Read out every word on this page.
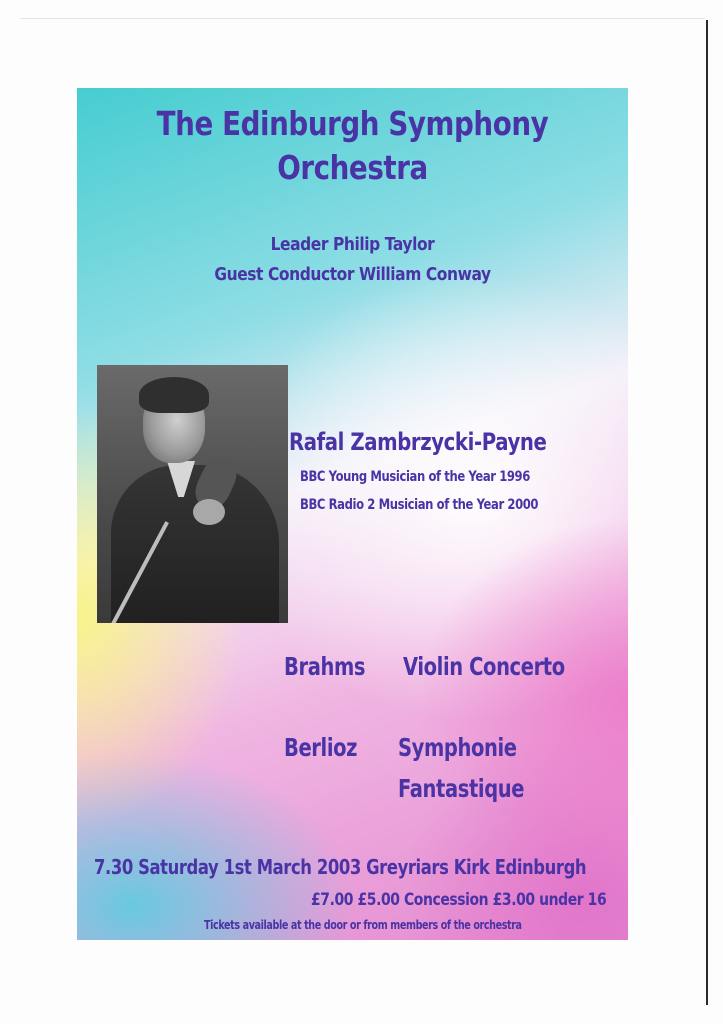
The Edinburgh Symphony
Orchestra
Leader Philip Taylor
Guest Conductor William Conway
Rafal Zambrzycki-Payne
BBC Young Musician of the Year 1996
BBC Radio 2 Musician of the Year 2000
Brahms Violin Concerto
Berlioz Symphonie
Fantastique
7.30 Saturday 1st March 2003 Greyriars Kirk Edinburgh
£7.00 £5.00 Concession £3.00 under 16
Tickets available at the door or from members of the orchestra
